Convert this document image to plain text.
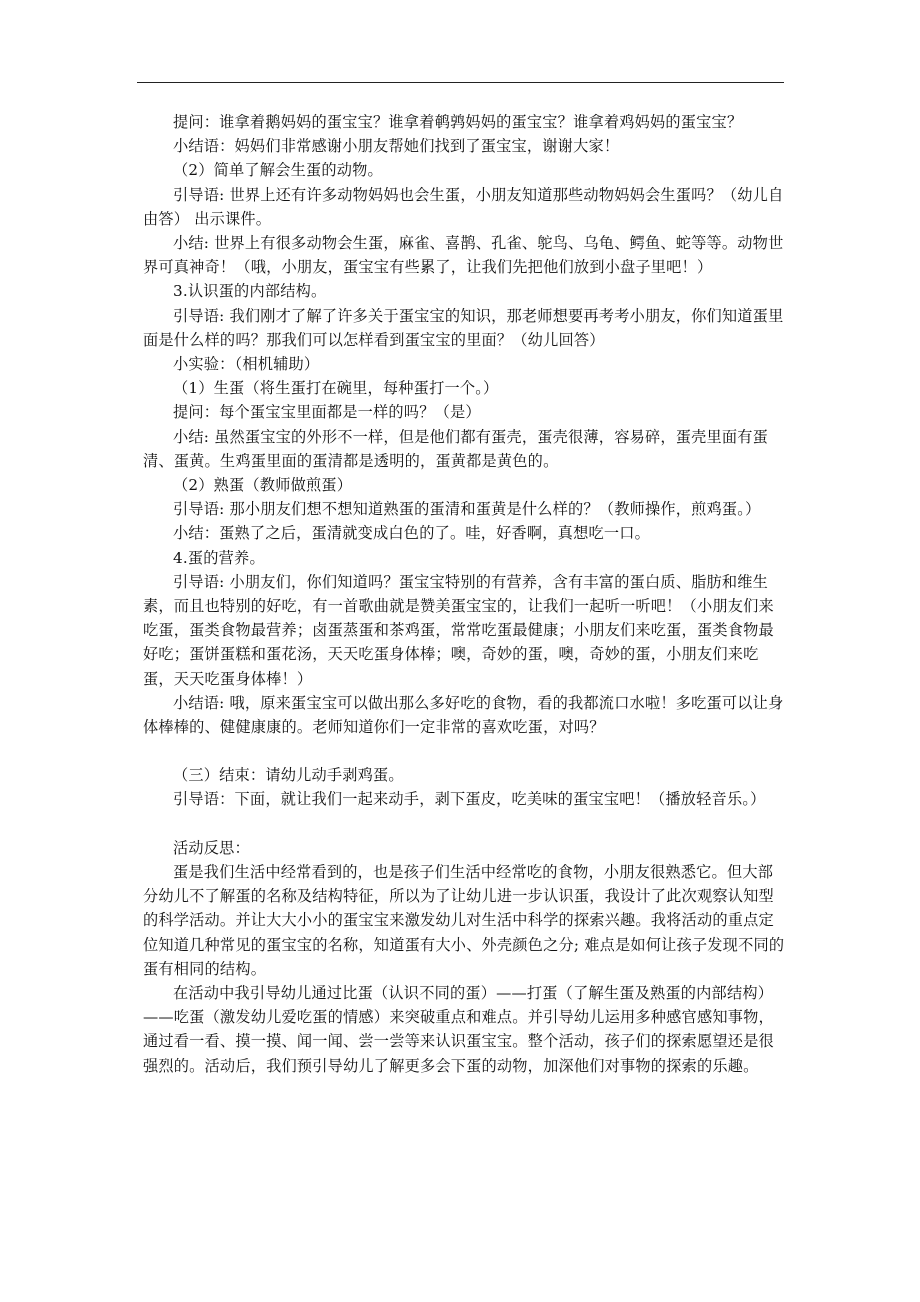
提问：谁拿着鹅妈妈的蛋宝宝？谁拿着鹌鹑妈妈的蛋宝宝？谁拿着鸡妈妈的蛋宝宝？

小结语：妈妈们非常感谢小朋友帮她们找到了蛋宝宝，谢谢大家！

（2）简单了解会生蛋的动物。

引导语: 世界上还有许多动物妈妈也会生蛋，小朋友知道那些动物妈妈会生蛋吗？（幼儿自由答） 出示课件。

小结: 世界上有很多动物会生蛋，麻雀、喜鹊、孔雀、鸵鸟、乌龟、鳄鱼、蛇等等。动物世界可真神奇！（哦，小朋友，蛋宝宝有些累了，让我们先把他们放到小盘子里吧！）

3.认识蛋的内部结构。

引导语: 我们刚才了解了许多关于蛋宝宝的知识，那老师想要再考考小朋友，你们知道蛋里面是什么样的吗？那我们可以怎样看到蛋宝宝的里面？（幼儿回答）

小实验：（相机辅助）

（1）生蛋（将生蛋打在碗里，每种蛋打一个。）

提问：每个蛋宝宝里面都是一样的吗？（是）

小结: 虽然蛋宝宝的外形不一样，但是他们都有蛋壳，蛋壳很薄，容易碎，蛋壳里面有蛋清、蛋黄。生鸡蛋里面的蛋清都是透明的，蛋黄都是黄色的。

（2）熟蛋（教师做煎蛋）

引导语: 那小朋友们想不想知道熟蛋的蛋清和蛋黄是什么样的？（教师操作，煎鸡蛋。）

小结：蛋熟了之后，蛋清就变成白色的了。哇，好香啊，真想吃一口。

4.蛋的营养。

引导语: 小朋友们，你们知道吗？蛋宝宝特别的有营养，含有丰富的蛋白质、脂肪和维生素，而且也特别的好吃，有一首歌曲就是赞美蛋宝宝的，让我们一起听一听吧！（小朋友们来吃蛋，蛋类食物最营养；卤蛋蒸蛋和茶鸡蛋，常常吃蛋最健康；小朋友们来吃蛋，蛋类食物最好吃；蛋饼蛋糕和蛋花汤，天天吃蛋身体棒；噢，奇妙的蛋，噢，奇妙的蛋，小朋友们来吃蛋，天天吃蛋身体棒！）

小结语: 哦，原来蛋宝宝可以做出那么多好吃的食物，看的我都流口水啦！多吃蛋可以让身体棒棒的、健健康康的。老师知道你们一定非常的喜欢吃蛋，对吗？

（三）结束：请幼儿动手剥鸡蛋。

引导语：下面，就让我们一起来动手，剥下蛋皮，吃美味的蛋宝宝吧！（播放轻音乐。）

活动反思：

蛋是我们生活中经常看到的，也是孩子们生活中经常吃的食物，小朋友很熟悉它。但大部分幼儿不了解蛋的名称及结构特征，所以为了让幼儿进一步认识蛋，我设计了此次观察认知型的科学活动。并让大大小小的蛋宝宝来激发幼儿对生活中科学的探索兴趣。我将活动的重点定位知道几种常见的蛋宝宝的名称，知道蛋有大小、外壳颜色之分; 难点是如何让孩子发现不同的蛋有相同的结构。

在活动中我引导幼儿通过比蛋（认识不同的蛋）——打蛋（了解生蛋及熟蛋的内部结构）——吃蛋（激发幼儿爱吃蛋的情感）来突破重点和难点。并引导幼儿运用多种感官感知事物，通过看一看、摸一摸、闻一闻、尝一尝等来认识蛋宝宝。整个活动，孩子们的探索愿望还是很强烈的。活动后，我们预引导幼儿了解更多会下蛋的动物，加深他们对事物的探索的乐趣。
